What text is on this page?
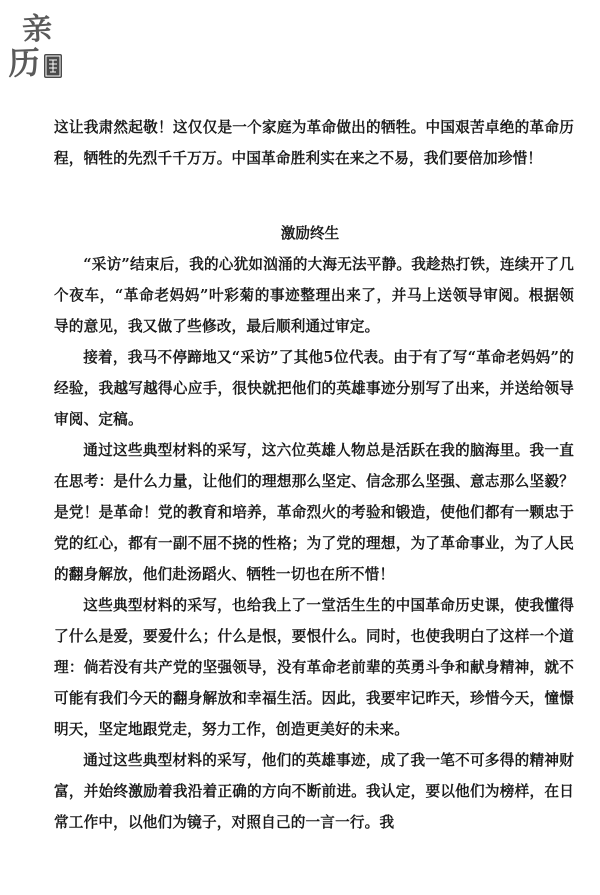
亲
历

这让我肃然起敬！这仅仅是一个家庭为革命做出的牺牲。中国艰苦卓绝的革命历程，牺牲的先烈千千万万。中国革命胜利实在来之不易，我们要倍加珍惜！

激励终生

“采访”结束后，我的心犹如汹涌的大海无法平静。我趁热打铁，连续开了几个夜车，“革命老妈妈”叶彩菊的事迹整理出来了，并马上送领导审阅。根据领导的意见，我又做了些修改，最后顺利通过审定。

接着，我马不停蹄地又“采访”了其他5位代表。由于有了写“革命老妈妈”的经验，我越写越得心应手，很快就把他们的英雄事迹分别写了出来，并送给领导审阅、定稿。

通过这些典型材料的采写，这六位英雄人物总是活跃在我的脑海里。我一直在思考：是什么力量，让他们的理想那么坚定、信念那么坚强、意志那么坚毅？是党！是革命！党的教育和培养，革命烈火的考验和锻造，使他们都有一颗忠于党的红心，都有一副不屈不挠的性格；为了党的理想，为了革命事业，为了人民的翻身解放，他们赴汤蹈火、牺牲一切也在所不惜！

这些典型材料的采写，也给我上了一堂活生生的中国革命历史课，使我懂得了什么是爱，要爱什么；什么是恨，要恨什么。同时，也使我明白了这样一个道理：倘若没有共产党的坚强领导，没有革命老前辈的英勇斗争和献身精神，就不可能有我们今天的翻身解放和幸福生活。因此，我要牢记昨天，珍惜今天，憧憬明天，坚定地跟党走，努力工作，创造更美好的未来。

通过这些典型材料的采写，他们的英雄事迹，成了我一笔不可多得的精神财富，并始终激励着我沿着正确的方向不断前进。我认定，要以他们为榜样，在日常工作中，以他们为镜子，对照自己的一言一行。我
